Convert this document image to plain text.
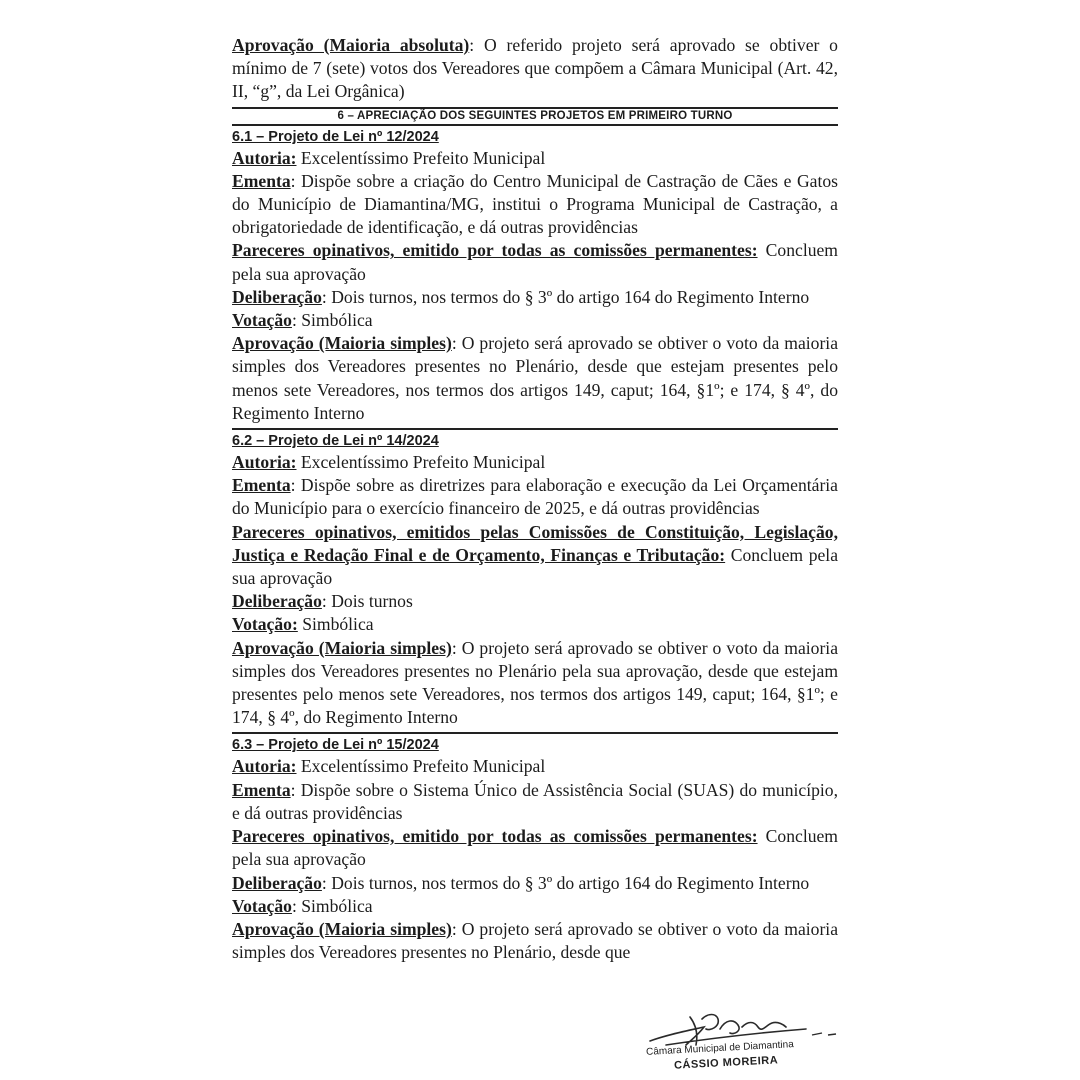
Aprovação (Maioria absoluta): O referido projeto será aprovado se obtiver o mínimo de 7 (sete) votos dos Vereadores que compõem a Câmara Municipal (Art. 42, II, “g”, da Lei Orgânica)

6 – APRECIAÇÃO DOS SEGUINTES PROJETOS EM PRIMEIRO TURNO
6.1 – Projeto de Lei nº 12/2024

Autoria: Excelentíssimo Prefeito Municipal

Ementa: Dispõe sobre a criação do Centro Municipal de Castração de Cães e Gatos do Município de Diamantina/MG, institui o Programa Municipal de Castração, a obrigatoriedade de identificação, e dá outras providências

Pareceres opinativos, emitido por todas as comissões permanentes: Concluem pela sua aprovação

Deliberação: Dois turnos, nos termos do § 3º do artigo 164 do Regimento Interno

Votação: Simbólica

Aprovação (Maioria simples): O projeto será aprovado se obtiver o voto da maioria simples dos Vereadores presentes no Plenário, desde que estejam presentes pelo menos sete Vereadores, nos termos dos artigos 149, caput; 164, §1º; e 174, § 4º, do Regimento Interno

6.2 – Projeto de Lei nº 14/2024

Autoria: Excelentíssimo Prefeito Municipal

Ementa: Dispõe sobre as diretrizes para elaboração e execução da Lei Orçamentária do Município para o exercício financeiro de 2025, e dá outras providências

Pareceres opinativos, emitidos pelas Comissões de Constituição, Legislação, Justiça e Redação Final e de Orçamento, Finanças e Tributação: Concluem pela sua aprovação

Deliberação: Dois turnos

Votação: Simbólica

Aprovação (Maioria simples): O projeto será aprovado se obtiver o voto da maioria simples dos Vereadores presentes no Plenário pela sua aprovação, desde que estejam presentes pelo menos sete Vereadores, nos termos dos artigos 149, caput; 164, §1º; e 174, § 4º, do Regimento Interno

6.3 – Projeto de Lei nº 15/2024

Autoria: Excelentíssimo Prefeito Municipal

Ementa: Dispõe sobre o Sistema Único de Assistência Social (SUAS) do município, e dá outras providências

Pareceres opinativos, emitido por todas as comissões permanentes: Concluem pela sua aprovação

Deliberação: Dois turnos, nos termos do § 3º do artigo 164 do Regimento Interno

Votação: Simbólica

Aprovação (Maioria simples): O projeto será aprovado se obtiver o voto da maioria simples dos Vereadores presentes no Plenário, desde que

Câmara Municipal de Diamantina
CÁSSIO MOREIRA
